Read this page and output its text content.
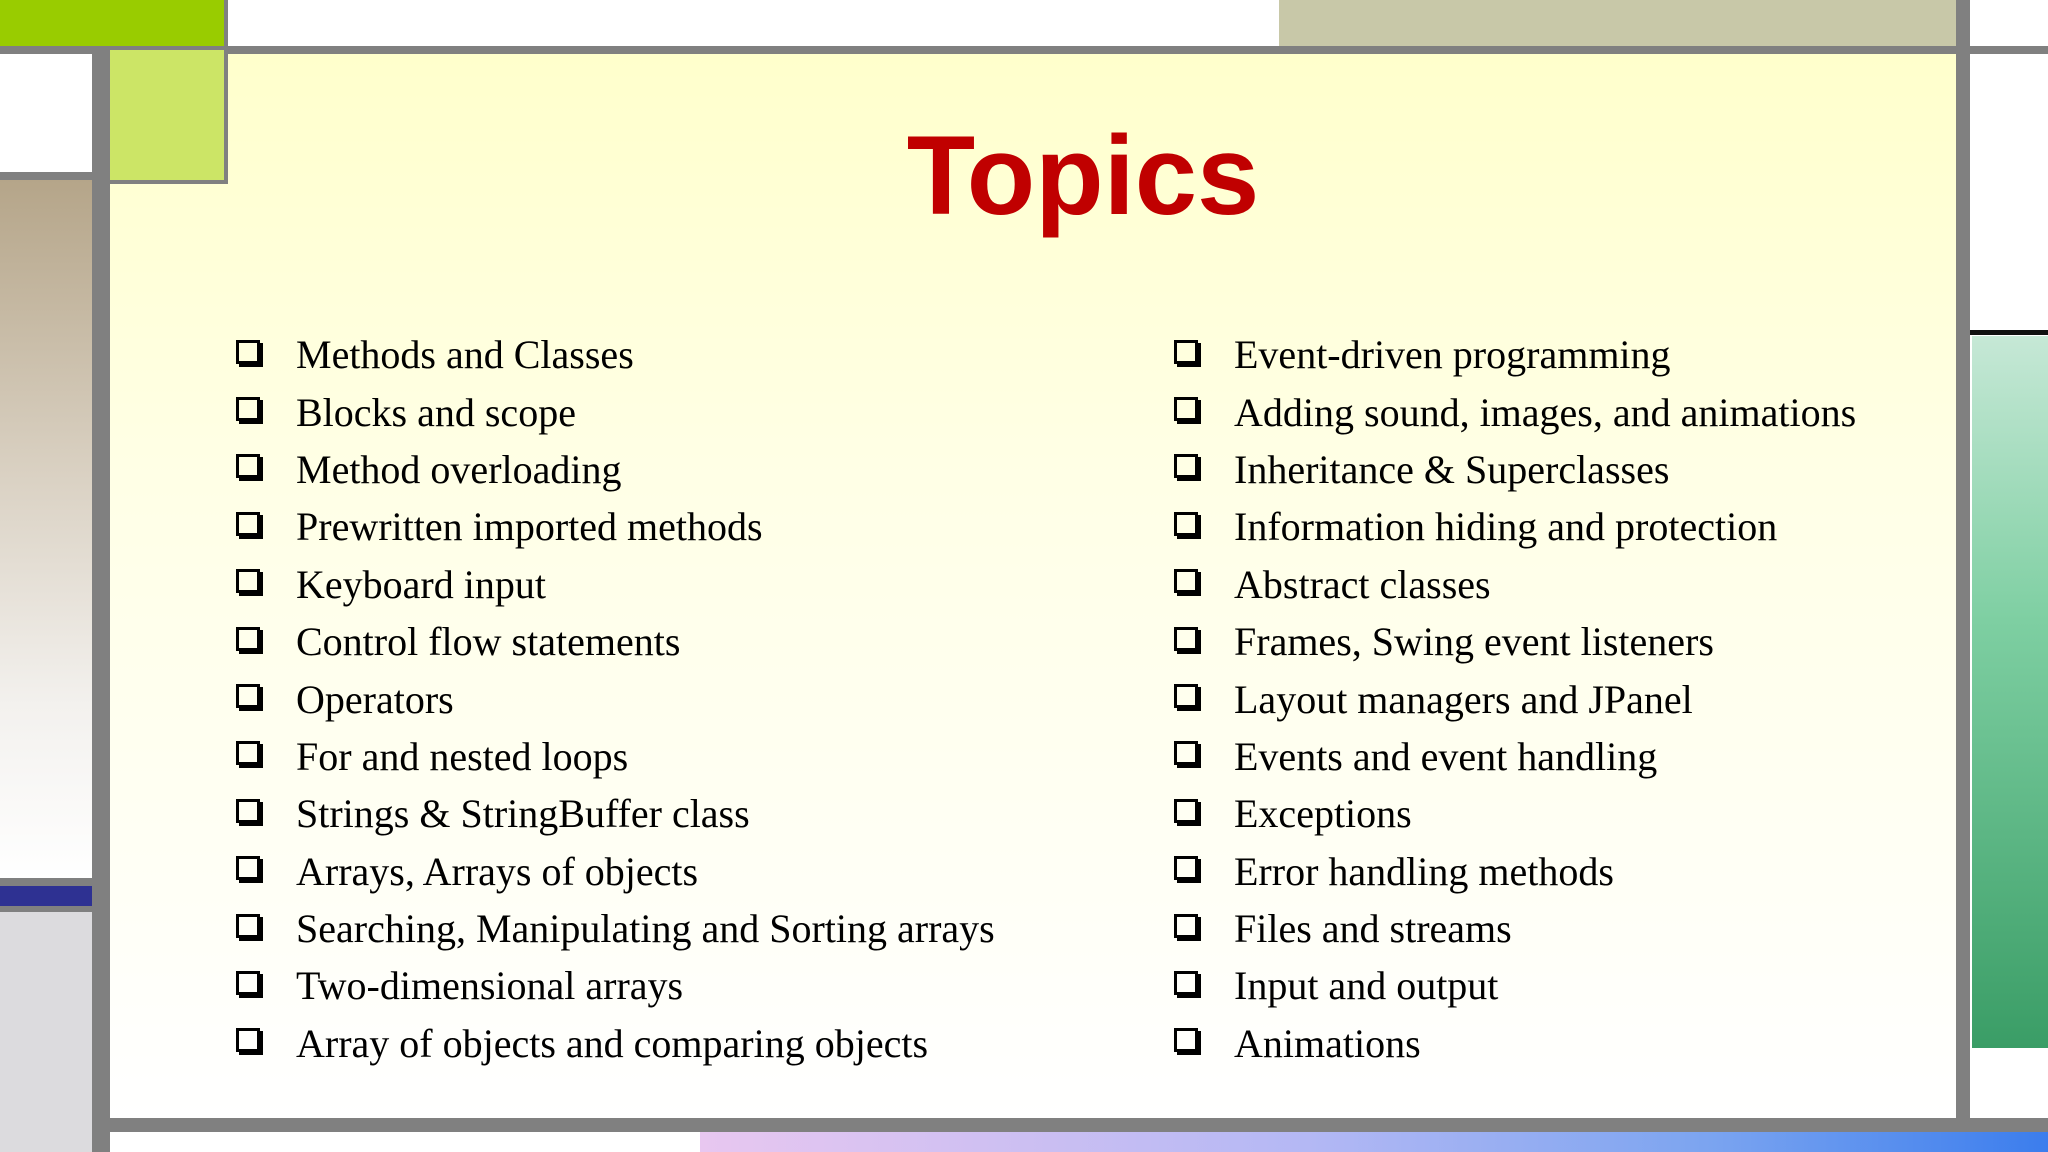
Topics
Methods and Classes
Blocks and scope
Method overloading
Prewritten imported methods
Keyboard input
Control flow statements
Operators
For and nested loops
Strings & StringBuffer class
Arrays, Arrays of objects
Searching, Manipulating and Sorting arrays
Two-dimensional arrays
Array of objects and comparing objects
Event-driven programming
Adding sound, images, and animations
Inheritance & Superclasses
Information hiding and protection
Abstract classes
Frames, Swing event listeners
Layout managers and JPanel
Events and event handling
Exceptions
Error handling methods
Files and streams
Input and output
Animations
